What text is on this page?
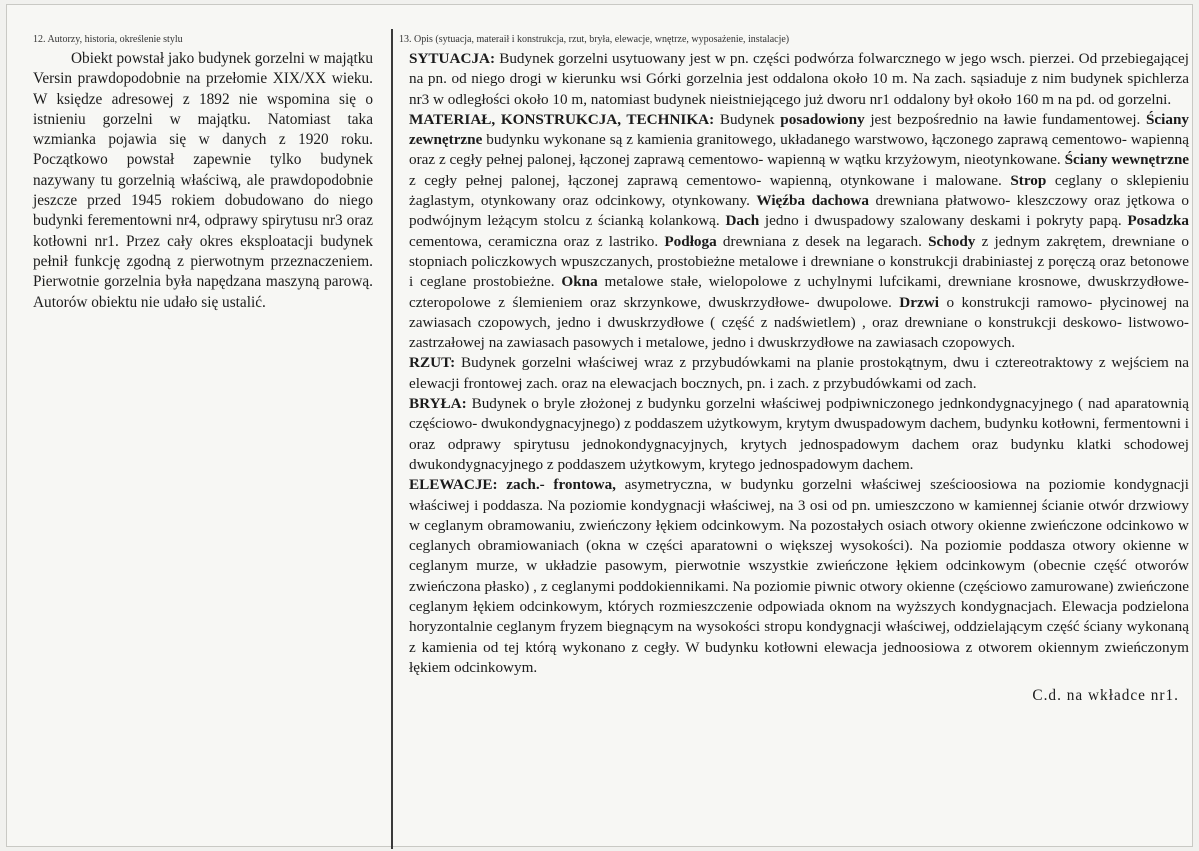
12. Autorzy, historia, określenie stylu

Obiekt powstał jako budynek gorzelni w majątku Versin prawdopodobnie na przełomie XIX/XX wieku. W księdze adresowej z 1892 nie wspomina się o istnieniu gorzelni w majątku. Natomiast taka wzmianka pojawia się w danych z 1920 roku. Początkowo powstał zapewnie tylko budynek nazywany tu gorzelnią właściwą, ale prawdopodobnie jeszcze przed 1945 rokiem dobudowano do niego budynki ferementowni nr4, odprawy spirytusu nr3 oraz kotłowni nr1. Przez cały okres eksploatacji budynek pełnił funkcję zgodną z pierwotnym przeznaczeniem. Pierwotnie gorzelnia była napędzana maszyną parową. Autorów obiektu nie udało się ustalić.

13. Opis (sytuacja, materaił i konstrukcja, rzut, bryła, elewacje, wnętrze, wyposażenie, instalacje)

SYTUACJA: Budynek gorzelni usytuowany jest w pn. części podwórza folwarcznego w jego wsch. pierzei. Od przebiegającej na pn. od niego drogi w kierunku wsi Górki gorzelnia jest oddalona około 10 m. Na zach. sąsiaduje z nim budynek spichlerza nr3 w odległości około 10 m, natomiast budynek nieistniejącego już dworu nr1 oddalony był około 160 m na pd. od gorzelni.

MATERIAŁ, KONSTRUKCJA, TECHNIKA: Budynek posadowiony jest bezpośrednio na ławie fundamentowej. Ściany zewnętrzne budynku wykonane są z kamienia granitowego, układanego warstwowo, łączonego zaprawą cementowo- wapienną oraz z cegły pełnej palonej, łączonej zaprawą cementowo- wapienną w wątku krzyżowym, nieotynkowane. Ściany wewnętrzne z cegły pełnej palonej, łączonej zaprawą cementowo- wapienną, otynkowane i malowane. Strop ceglany o sklepieniu żaglastym, otynkowany oraz odcinkowy, otynkowany. Więźba dachowa drewniana płatwowo- kleszczowy oraz jętkowa o podwójnym leżącym stolcu z ścianką kolankową. Dach jedno i dwuspadowy szalowany deskami i pokryty papą. Posadzka cementowa, ceramiczna oraz z lastriko. Podłoga drewniana z desek na legarach. Schody z jednym zakrętem, drewniane o stopniach policzkowych wpuszczanych, prostobieżne metalowe i drewniane o konstrukcji drabiniastej z poręczą oraz betonowe i ceglane prostobieżne. Okna metalowe stałe, wielopolowe z uchylnymi lufcikami, drewniane krosnowe, dwuskrzydłowe- czteropolowe z ślemieniem oraz skrzynkowe, dwuskrzydłowe- dwupolowe. Drzwi o konstrukcji ramowo- płycinowej na zawiasach czopowych, jedno i dwuskrzydłowe ( część z nadświetlem) , oraz drewniane o konstrukcji deskowo- listwowo- zastrzałowej na zawiasach pasowych i metalowe, jedno i dwuskrzydłowe na zawiasach czopowych.

RZUT: Budynek gorzelni właściwej wraz z przybudówkami na planie prostokątnym, dwu i cztereotraktowy z wejściem na elewacji frontowej zach. oraz na elewacjach bocznych, pn. i zach. z przybudówkami od zach.

BRYŁA: Budynek o bryle złożonej z budynku gorzelni właściwej podpiwniczonego jednkondygnacyjnego ( nad aparatownią częściowo- dwukondygnacyjnego) z poddaszem użytkowym, krytym dwuspadowym dachem, budynku kotłowni, fermentowni i oraz odprawy spirytusu jednokondygnacyjnych, krytych jednospadowym dachem oraz budynku klatki schodowej dwukondygnacyjnego z poddaszem użytkowym, krytego jednospadowym dachem.

ELEWACJE: zach.- frontowa, asymetryczna, w budynku gorzelni właściwej sześcioosiowa na poziomie kondygnacji właściwej i poddasza. Na poziomie kondygnacji właściwej, na 3 osi od pn. umieszczono w kamiennej ścianie otwór drzwiowy w ceglanym obramowaniu, zwieńczony łękiem odcinkowym. Na pozostałych osiach otwory okienne zwieńczone odcinkowo w ceglanych obramiowaniach (okna w części aparatowni o większej wysokości). Na poziomie poddasza otwory okienne w ceglanym murze, w układzie pasowym, pierwotnie wszystkie zwieńczone łękiem odcinkowym (obecnie część otworów zwieńczona płasko) , z ceglanymi poddokiennikami. Na poziomie piwnic otwory okienne (częściowo zamurowane) zwieńczone ceglanym łękiem odcinkowym, których rozmieszczenie odpowiada oknom na wyższych kondygnacjach. Elewacja podzielona horyzontalnie ceglanym fryzem biegnącym na wysokości stropu kondygnacji właściwej, oddzielającym część ściany wykonaną z kamienia od tej którą wykonano z cegły. W budynku kotłowni elewacja jednoosiowa z otworem okiennym zwieńczonym łękiem odcinkowym.

C.d. na wkładce nr1.
